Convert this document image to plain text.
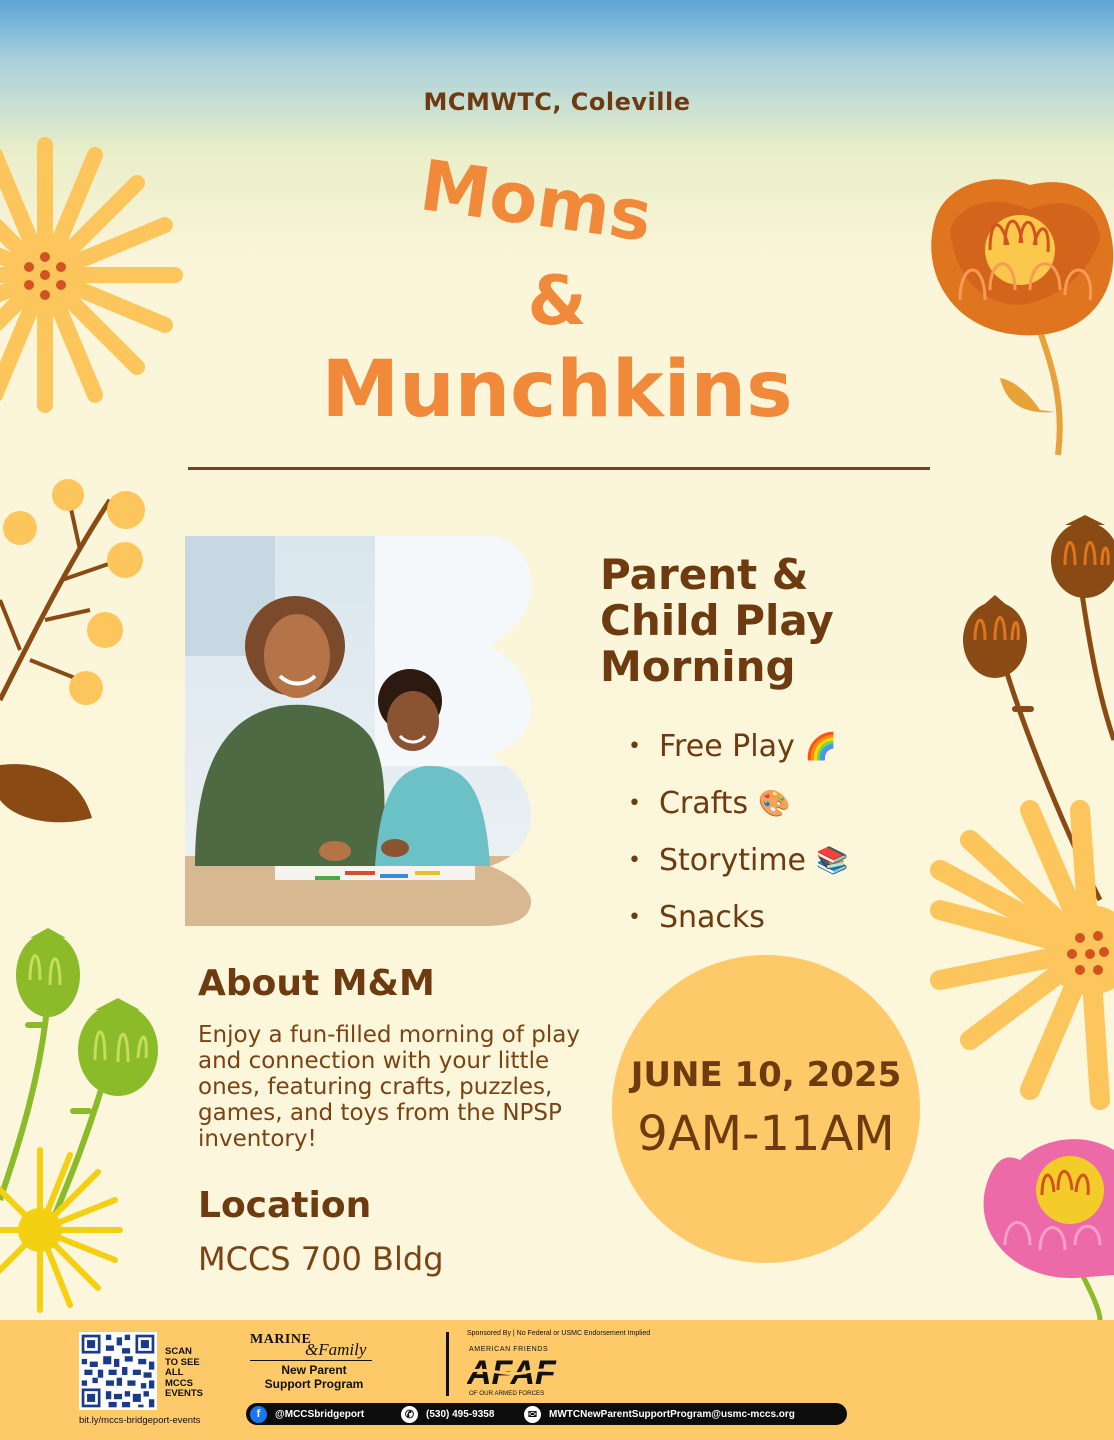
MCMWTC, Coleville
Moms
&
Munchkins
Parent &
Child Play
Morning
• Free Play 🌈
• Crafts 🎨
• Storytime 📚
• Snacks
About M&M
Enjoy a fun-filled morning of play and connection with your little ones, featuring crafts, puzzles, games, and toys from the NPSP inventory!
Location
MCCS 700 Bldg
JUNE 10, 2025
9AM-11AM
SCAN TO SEE ALL MCCS EVENTS
bit.ly/mccs-bridgeport-events
MARINE
&Family
New Parent
Support Program
Sponsored By | No Federal or USMC Endorsement Implied
AMERICAN FRIENDS
AFAF
OF OUR ARMED FORCES
f	@MCCSbridgeport	✆	(530) 495-9358	✉	MWTCNewParentSupportProgram@usmc-mccs.org
